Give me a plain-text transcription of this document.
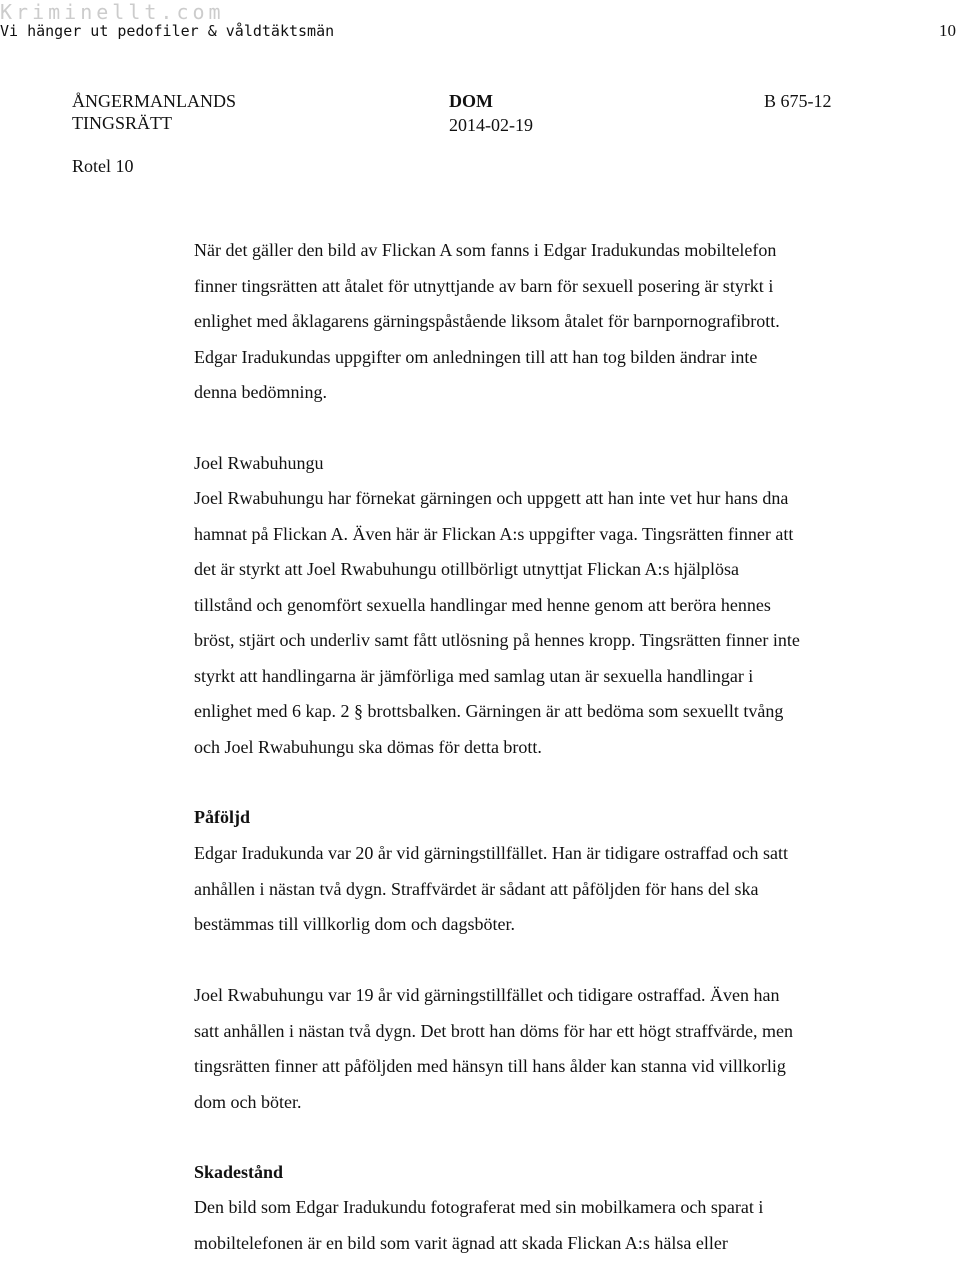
Kriminellt.com
Vi hänger ut pedofiler & våldtäktsmän	10
ÅNGERMANLANDS
TINGSRÄTT
DOM
2014-02-19
B 675-12
Rotel 10
När det gäller den bild av Flickan A som fanns i Edgar Iradukundas mobiltelefon
finner tingsrätten att åtalet för utnyttjande av barn för sexuell posering är styrkt i
enlighet med åklagarens gärningspåstående liksom åtalet för barnpornografibrott.
Edgar Iradukundas uppgifter om anledningen till att han tog bilden ändrar inte
denna bedömning.
Joel Rwabuhungu
Joel Rwabuhungu har förnekat gärningen och uppgett att han inte vet hur hans dna
hamnat på Flickan A. Även här är Flickan A:s uppgifter vaga. Tingsrätten finner att
det är styrkt att Joel Rwabuhungu otillbörligt utnyttjat Flickan A:s hjälplösa
tillstånd och genomfört sexuella handlingar med henne genom att beröra hennes
bröst, stjärt och underliv samt fått utlösning på hennes kropp. Tingsrätten finner inte
styrkt att handlingarna är jämförliga med samlag utan är sexuella handlingar i
enlighet med 6 kap. 2 § brottsbalken. Gärningen är att bedöma som sexuellt tvång
och Joel Rwabuhungu ska dömas för detta brott.
Påföljd
Edgar Iradukunda var 20 år vid gärningstillfället. Han är tidigare ostraffad och satt
anhållen i nästan två dygn. Straffvärdet är sådant att påföljden för hans del ska
bestämmas till villkorlig dom och dagsböter.
Joel Rwabuhungu var 19 år vid gärningstillfället och tidigare ostraffad. Även han
satt anhållen i nästan två dygn. Det brott han döms för har ett högt straffvärde, men
tingsrätten finner att påföljden med hänsyn till hans ålder kan stanna vid villkorlig
dom och böter.
Skadestånd
Den bild som Edgar Iradukundu fotograferat med sin mobilkamera och sparat i
mobiltelefonen är en bild som varit ägnad att skada Flickan A:s hälsa eller
